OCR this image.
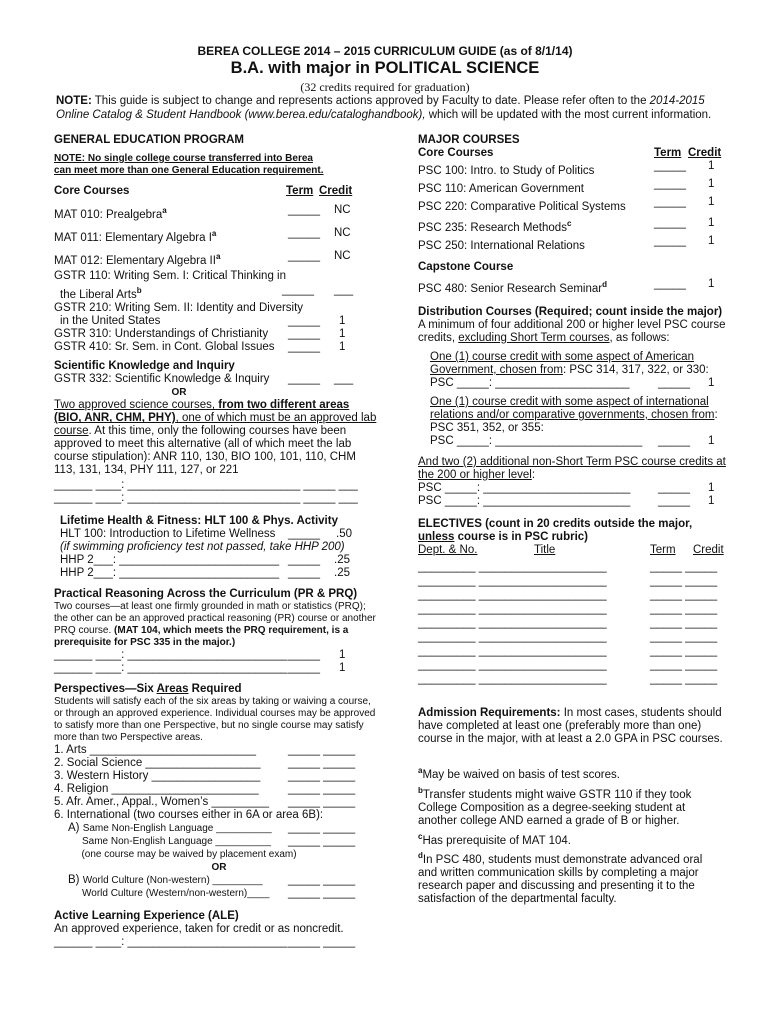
BEREA COLLEGE 2014 – 2015 CURRICULUM GUIDE (as of 8/1/14)
B.A. with major in POLITICAL SCIENCE
(32 credits required for graduation)
NOTE: This guide is subject to change and represents actions approved by Faculty to date. Please refer often to the 2014-2015 Online Catalog & Student Handbook (www.berea.edu/cataloghandbook), which will be updated with the most current information.
GENERAL EDUCATION PROGRAM
NOTE: No single college course transferred into Berea
can meet more than one General Education requirement.
Core Courses	Term Credit
MAT 010: Prealgebra$^a$	_____ NC
MAT 011: Elementary Algebra $I^a$	_____ NC
MAT 012: Elementary Algebra $II^a$	_____ NC
GSTR 110: Writing Sem. I: Critical Thinking in
the Liberal Arts$^b$	_____ ___
GSTR 210: Writing Sem. II: Identity and Diversity
in the United States	_____ 1
GSTR 310: Understandings of Christianity _____ 1
GSTR 410: Sr. Sem. in Cont. Global Issues _____ 1
Scientific Knowledge and Inquiry
GSTR 332: Scientific Knowledge & Inquiry _____ ___
OR
Two approved science courses, from two different areas
(BIO, ANR, CHM, PHY), one of which must be an approved lab course. At this time, only the following courses have been approved to meet this alternative (all of which meet the lab course stipulation): ANR 110, 130, BIO 100, 101, 110, CHM 113, 131, 134, PHY 111, 127, or 221
______ ____: ___________________________ _____ ___
______ ____: ___________________________ _____ ___
Lifetime Health & Fitness: HLT 100 & Phys. Activity
HLT 100: Introduction to Lifetime Wellness _____ .50
(if swimming proficiency test not passed, take HHP 200)
HHP 2___: _________________________ _____ .25
HHP 2___: _________________________ _____ .25
Practical Reasoning Across the Curriculum (PR & PRQ)
Two courses—at least one firmly grounded in math or statistics (PRQ); the other can be an approved practical reasoning (PR) course or another PRQ course. (MAT 104, which meets the PRQ requirement, is a prerequisite for PSC 335 in the major.)
______ ____: _________________________ _____ 1
______ ____: _________________________ _____ 1
Perspectives—Six Areas Required
Students will satisfy each of the six areas by taking or waiving a course, or through an approved experience. Individual courses may be approved to satisfy more than one Perspective, but no single course may satisfy more than two Perspective areas.
1. Arts __________________________	_____ _____
2. Social Science __________________ _____ _____
3. Western History _________________ _____ _____
4. Religion _______________________	_____ _____
5. Afr. Amer., Appal., Women’s _________ _____ _____
6. International (two courses either in 6A or area 6B):
A) Same Non-English Language __________ _____ _____
Same Non-English Language __________ _____ _____
(one course may be waived by placement exam)
OR
B) World Culture (Non-western) _________ _____ _____
World Culture (Western/non-western)____ _____ _____
Active Learning Experience (ALE)
An approved experience, taken for credit or as noncredit.
______ ____: _________________________ _____ _____
MAJOR COURSES
Core Courses	Term Credit
PSC 100: Intro. to Study of Politics	_____ 1
PSC 110: American Government	_____ 1
PSC 220: Comparative Political Systems _____ 1
PSC 235: Research Methods$^c$	_____ 1
PSC 250: International Relations	_____ 1
Capstone Course
PSC 480: Senior Research Seminar$^d$	_____ 1
Distribution Courses (Required; count inside the major)
A minimum of four additional 200 or higher level PSC course credits, excluding Short Term courses, as follows:
One (1) course credit with some aspect of American Government, chosen from: PSC 314, 317, 322, or 330:
PSC _____: _____________________ _____ 1
One (1) course credit with some aspect of international relations and/or comparative governments, chosen from: PSC 351, 352, or 355:
PSC _____: _______________________ _____ 1
And two (2) additional non-Short Term PSC course credits at the 200 or higher level:
PSC _____: _______________________ _____ 1
PSC _____: _______________________ _____ 1
ELECTIVES (count in 20 credits outside the major, unless course is in PSC rubric)
Dept. & No.	Title	Term Credit
_________ ____________________	_____ _____
_________ ____________________	_____ _____
_________ ____________________	_____ _____
_________ ____________________	_____ _____
_________ ____________________	_____ _____
_________ ____________________	_____ _____
_________ ____________________	_____ _____
_________ ____________________	_____ _____
_________ ____________________	_____ _____
Admission Requirements: In most cases, students should have completed at least one (preferably more than one) course in the major, with at least a 2.0 GPA in PSC courses.
$^a$May be waived on basis of test scores.
$^b$Transfer students might waive GSTR 110 if they took College Composition as a degree-seeking student at another college AND earned a grade of B or higher.
$^c$Has prerequisite of MAT 104.
$^d$In PSC 480, students must demonstrate advanced oral and written communication skills by completing a major research paper and discussing and presenting it to the satisfaction of the departmental faculty.
